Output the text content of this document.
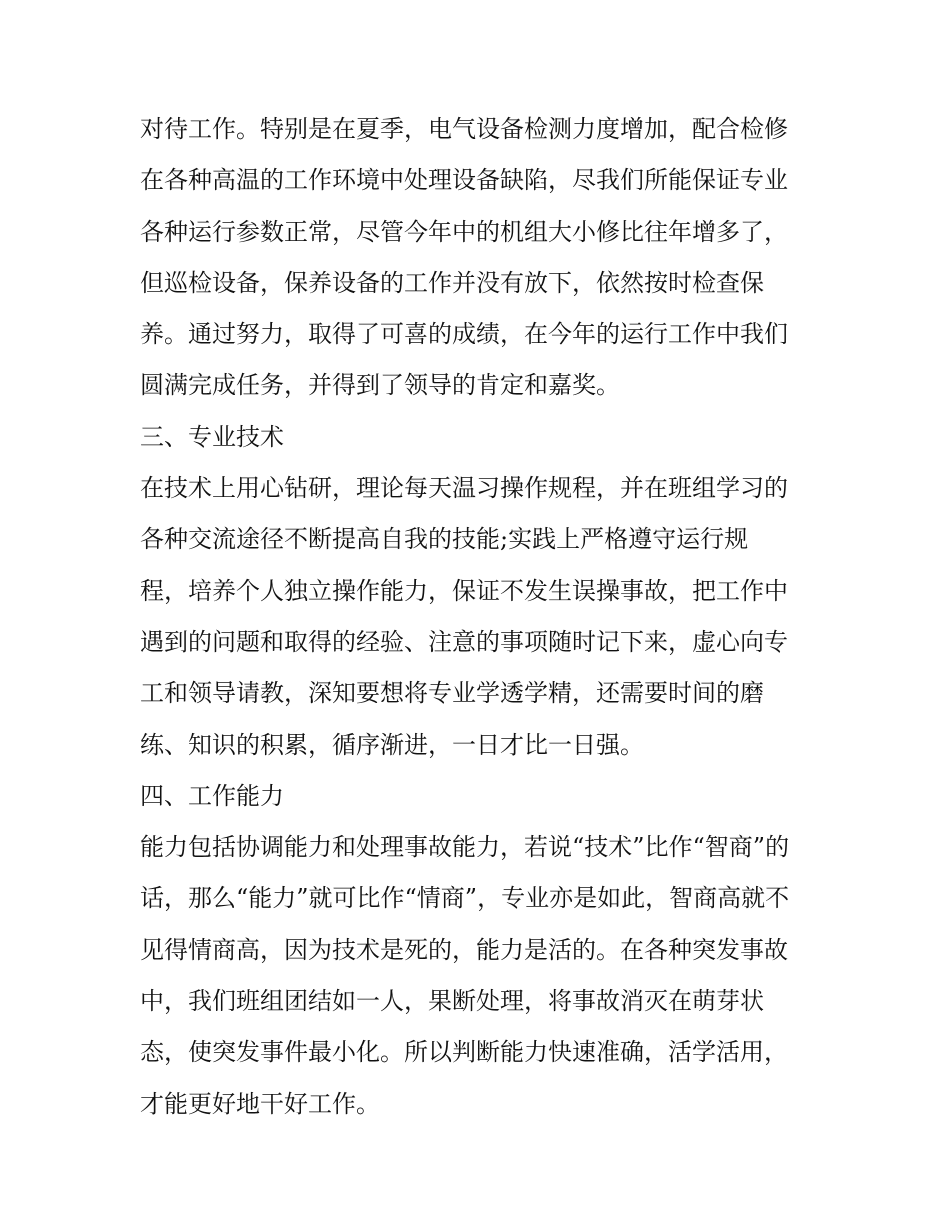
对待工作。特别是在夏季，电气设备检测力度增加，配合检修
在各种高温的工作环境中处理设备缺陷，尽我们所能保证专业
各种运行参数正常，尽管今年中的机组大小修比往年增多了，
但巡检设备，保养设备的工作并没有放下，依然按时检查保
养。通过努力，取得了可喜的成绩，在今年的运行工作中我们
圆满完成任务，并得到了领导的肯定和嘉奖。
三、专业技术
在技术上用心钻研，理论每天温习操作规程，并在班组学习的
各种交流途径不断提高自我的技能;实践上严格遵守运行规
程，培养个人独立操作能力，保证不发生误操事故，把工作中
遇到的问题和取得的经验、注意的事项随时记下来，虚心向专
工和领导请教，深知要想将专业学透学精，还需要时间的磨
练、知识的积累，循序渐进，一日才比一日强。
四、工作能力
能力包括协调能力和处理事故能力，若说“技术”比作“智商”的
话，那么“能力”就可比作“情商”，专业亦是如此，智商高就不
见得情商高，因为技术是死的，能力是活的。在各种突发事故
中，我们班组团结如一人，果断处理，将事故消灭在萌芽状
态，使突发事件最小化。所以判断能力快速准确，活学活用，
才能更好地干好工作。
